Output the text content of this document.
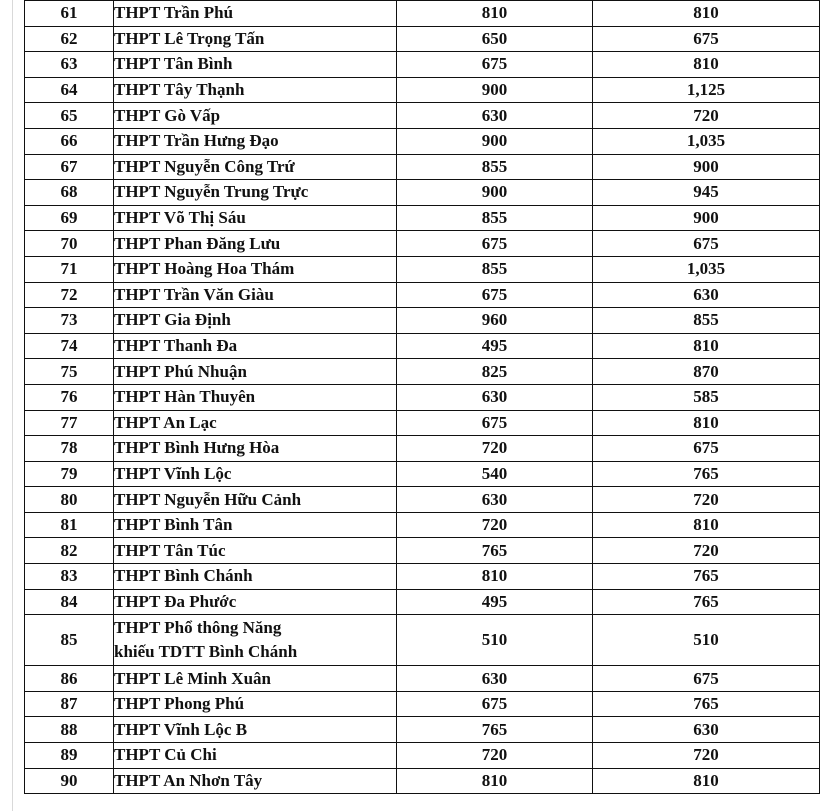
61	THPT Trần Phú	810	810
62	THPT Lê Trọng Tấn	650	675
63	THPT Tân Bình	675	810
64	THPT Tây Thạnh	900	1,125
65	THPT Gò Vấp	630	720
66	THPT Trần Hưng Đạo	900	1,035
67	THPT Nguyễn Công Trứ	855	900
68	THPT Nguyễn Trung Trực	900	945
69	THPT Võ Thị Sáu	855	900
70	THPT Phan Đăng Lưu	675	675
71	THPT Hoàng Hoa Thám	855	1,035
72	THPT Trần Văn Giàu	675	630
73	THPT Gia Định	960	855
74	THPT Thanh Đa	495	810
75	THPT Phú Nhuận	825	870
76	THPT Hàn Thuyên	630	585
77	THPT An Lạc	675	810
78	THPT Bình Hưng Hòa	720	675
79	THPT Vĩnh Lộc	540	765
80	THPT Nguyễn Hữu Cảnh	630	720
81	THPT Bình Tân	720	810
82	THPT Tân Túc	765	720
83	THPT Bình Chánh	810	765
84	THPT Đa Phước	495	765
85	THPT Phổ thông Năng
khiếu TDTT Bình Chánh	510	510
86	THPT Lê Minh Xuân	630	675
87	THPT Phong Phú	675	765
88	THPT Vĩnh Lộc B	765	630
89	THPT Củ Chi	720	720
90	THPT An Nhơn Tây	810	810
